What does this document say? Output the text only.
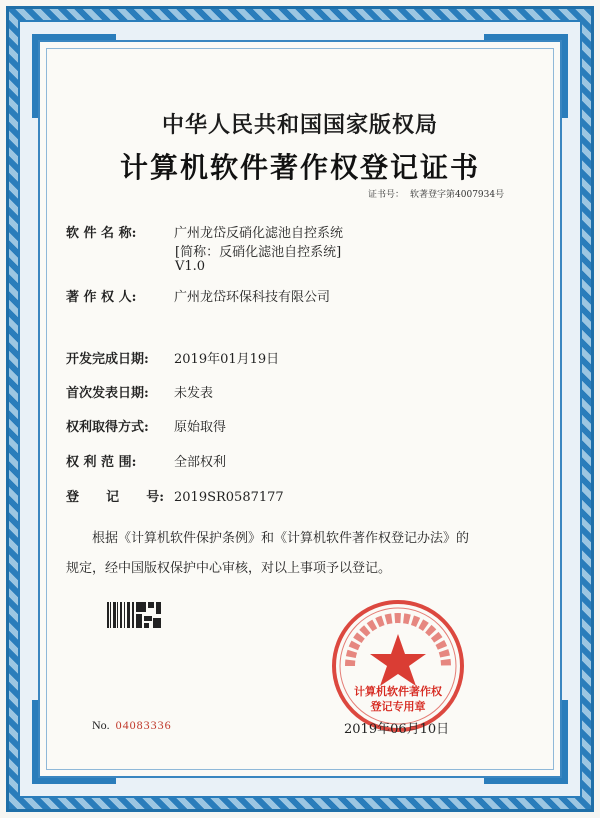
中华人民共和国国家版权局
计算机软件著作权登记证书
证书号： 软著登字第4007934号
软 件 名 称:	广州龙岱反硝化滤池自控系统
[简称：反硝化滤池自控系统]
V1.0
著 作 权 人:	广州龙岱环保科技有限公司
开发完成日期: 2019年01月19日
首次发表日期: 未发表
权利取得方式: 原始取得
权 利 范 围:	全部权利
登      记      号: 2019SR0587177
根据《计算机软件保护条例》和《计算机软件著作权登记办法》的
规定，经中国版权保护中心审核，对以上事项予以登记。
计算机软件著作权
登记专用章
No. 04083336	2019年06月10日
